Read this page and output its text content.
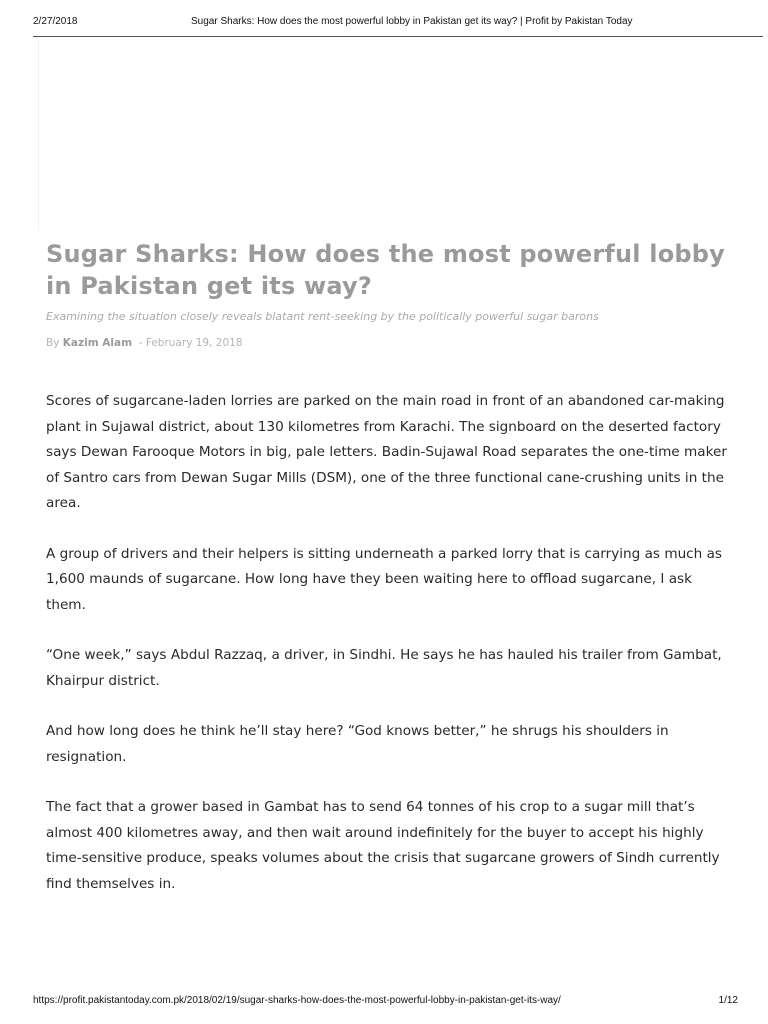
2/27/2018	Sugar Sharks: How does the most powerful lobby in Pakistan get its way? | Profit by Pakistan Today
Sugar Sharks: How does the most powerful lobby in Pakistan get its way?

Examining the situation closely reveals blatant rent-seeking by the politically powerful sugar barons

By Kazim Alam - February 19, 2018

Scores of sugarcane-laden lorries are parked on the main road in front of an abandoned car-making plant in Sujawal district, about 130 kilometres from Karachi. The signboard on the deserted factory says Dewan Farooque Motors in big, pale letters. Badin-Sujawal Road separates the one-time maker of Santro cars from Dewan Sugar Mills (DSM), one of the three functional cane-crushing units in the area.

A group of drivers and their helpers is sitting underneath a parked lorry that is carrying as much as 1,600 maunds of sugarcane. How long have they been waiting here to offload sugarcane, I ask them.

“One week,” says Abdul Razzaq, a driver, in Sindhi. He says he has hauled his trailer from Gambat, Khairpur district.

And how long does he think he’ll stay here? “God knows better,” he shrugs his shoulders in resignation.

The fact that a grower based in Gambat has to send 64 tonnes of his crop to a sugar mill that’s almost 400 kilometres away, and then wait around indefinitely for the buyer to accept his highly time-sensitive produce, speaks volumes about the crisis that sugarcane growers of Sindh currently find themselves in.

https://profit.pakistantoday.com.pk/2018/02/19/sugar-sharks-how-does-the-most-powerful-lobby-in-pakistan-get-its-way/	1/12
